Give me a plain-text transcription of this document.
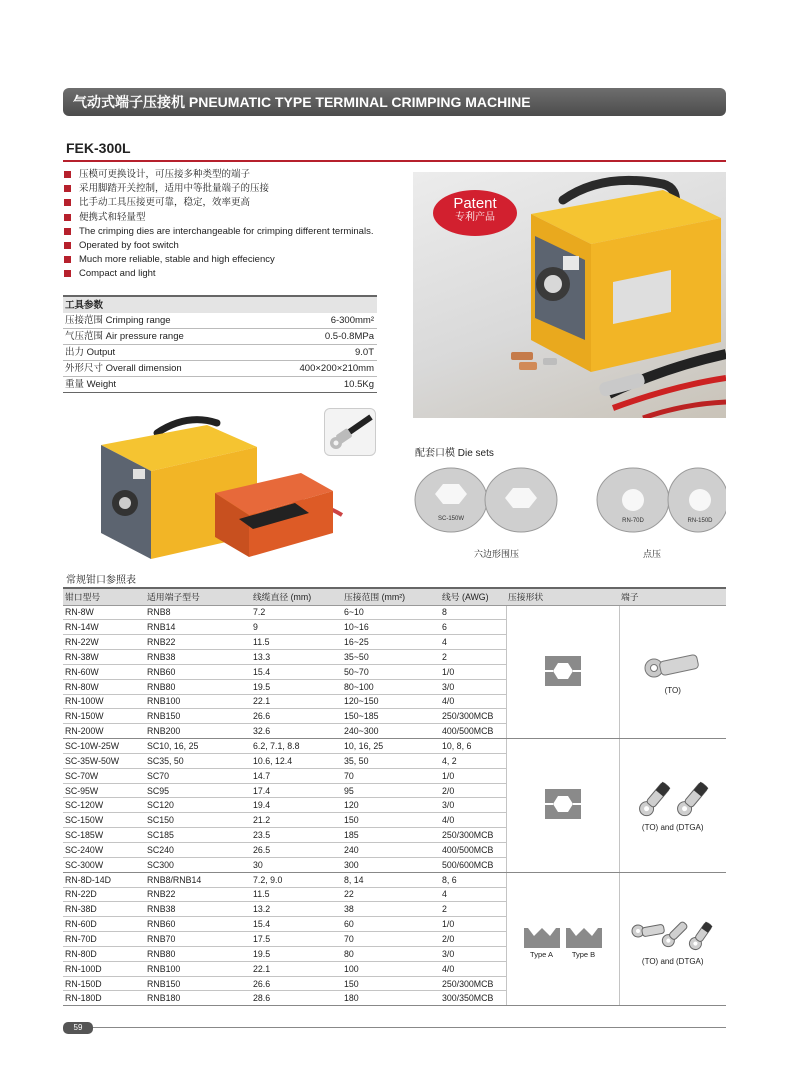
气动式端子压接机 PNEUMATIC TYPE TERMINAL CRIMPING MACHINE
FEK-300L
压模可更换设计，可压接多种类型的端子
采用脚踏开关控制，适用中等批量端子的压接
比手动工具压接更可靠，稳定，效率更高
便携式和轻量型
The crimping dies are interchangeable for crimping different terminals.
Operated by foot switch
Much more reliable, stable and high effeciency
Compact and light
工具参数
压接范围 Crimping range	6-300mm²
气压范围 Air pressure range	0.5-0.8MPa
出力 Output	9.0T
外形尺寸 Overall dimension	400×200×210mm
重量 Weight	10.5Kg
Patent
专利产品
配套口模 Die sets
SC-150W	RN-70D	RN-150D
六边形围压	点压
常规钳口参照表
钳口型号	适用端子型号	线缆直径 (mm)	压接范围 (mm²)	线号 (AWG)	压接形状	端子
RN-8W	RNB8	7.2	6~10	8		(TO)

RN-14W	RNB14	9	10~16	6		
RN-22W	RNB22	11.5	16~25	4		
RN-38W	RNB38	13.3	35~50	2		
RN-60W	RNB60	15.4	50~70	1/0		
RN-80W	RNB80	19.5	80~100	3/0		
RN-100W	RNB100	22.1	120~150	4/0		
RN-150W	RNB150	26.6	150~185	250/300MCB		
RN-200W	RNB200	32.6	240~300	400/500MCB		
SC-10W-25W	SC10, 16, 25	6.2, 7.1, 8.8	10, 16, 25	10, 8, 6		(TO) and (DTGA)

SC-35W-50W	SC35, 50	10.6, 12.4	35, 50	4, 2		
SC-70W	SC70	14.7	70	1/0		
SC-95W	SC95	17.4	95	2/0		
SC-120W	SC120	19.4	120	3/0		
SC-150W	SC150	21.2	150	4/0		
SC-185W	SC185	23.5	185	250/300MCB		
SC-240W	SC240	26.5	240	400/500MCB		
SC-300W	SC300	30	300	500/600MCB		
RN-8D-14D	RNB8/RNB14	7.2, 9.0	8, 14	8, 6	Type A Type B	(TO) and (DTGA)

RN-22D	RNB22	11.5	22	4		
RN-38D	RNB38	13.2	38	2		
RN-60D	RNB60	15.4	60	1/0		
RN-70D	RNB70	17.5	70	2/0		
RN-80D	RNB80	19.5	80	3/0		
RN-100D	RNB100	22.1	100	4/0		
RN-150D	RNB150	26.6	150	250/300MCB		
RN-180D	RNB180	28.6	180	300/350MCB		
59
